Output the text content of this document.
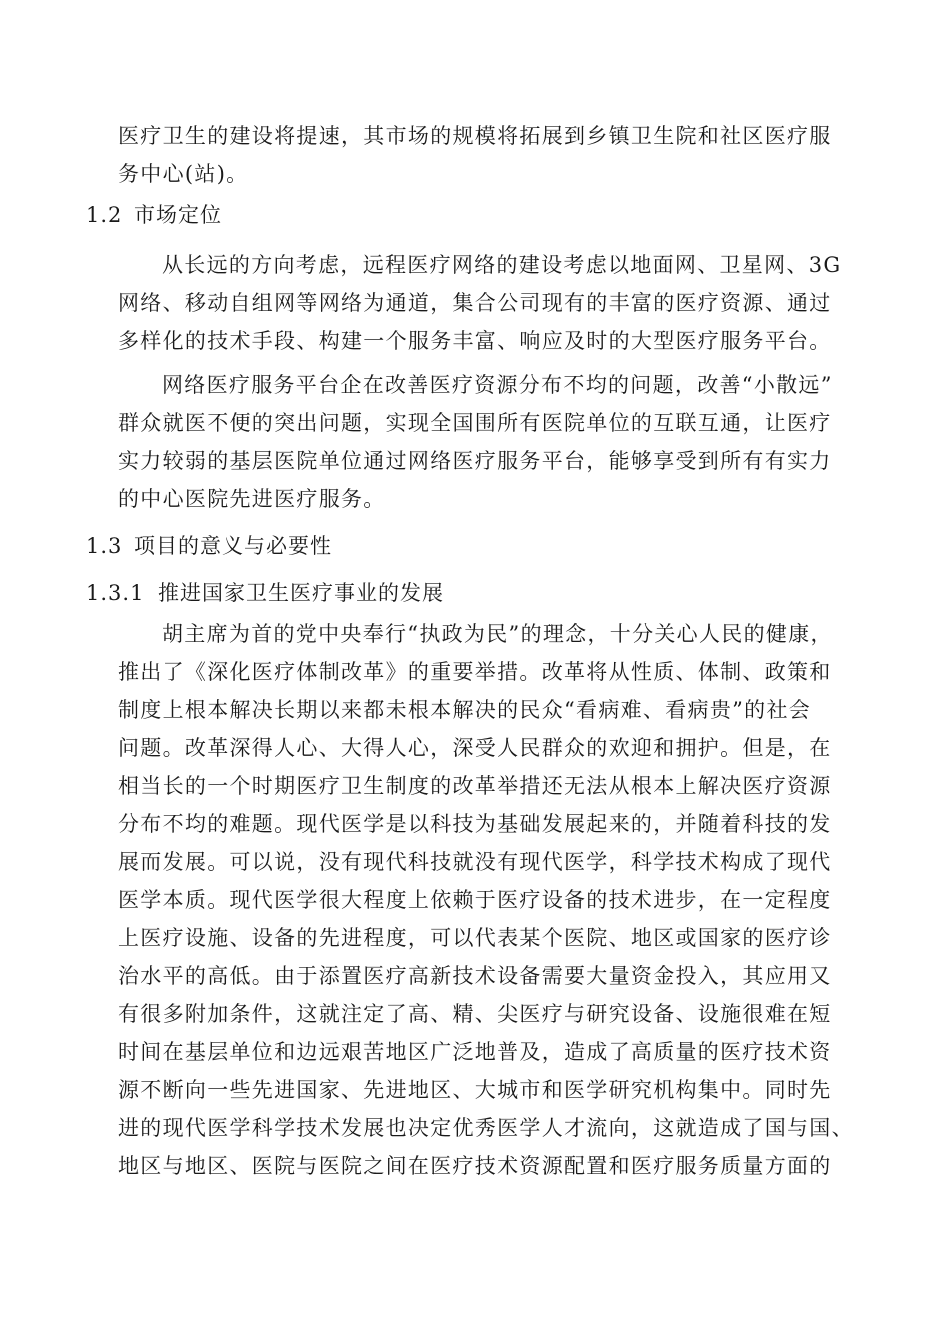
医疗卫生的建设将提速，其市场的规模将拓展到乡镇卫生院和社区医疗服
务中心(站)。
1.2 市场定位
从长远的方向考虑，远程医疗网络的建设考虑以地面网、卫星网、3G
网络、移动自组网等网络为通道，集合公司现有的丰富的医疗资源、通过
多样化的技术手段、构建一个服务丰富、响应及时的大型医疗服务平台。
网络医疗服务平台企在改善医疗资源分布不均的问题，改善“小散远”
群众就医不便的突出问题，实现全国围所有医院单位的互联互通，让医疗
实力较弱的基层医院单位通过网络医疗服务平台，能够享受到所有有实力
的中心医院先进医疗服务。
1.3 项目的意义与必要性
1.3.1 推进国家卫生医疗事业的发展
胡主席为首的党中央奉行“执政为民”的理念，十分关心人民的健康，
推出了《深化医疗体制改革》的重要举措。改革将从性质、体制、政策和
制度上根本解决长期以来都未根本解决的民众“看病难、看病贵”的社会
问题。改革深得人心、大得人心，深受人民群众的欢迎和拥护。但是，在
相当长的一个时期医疗卫生制度的改革举措还无法从根本上解决医疗资源
分布不均的难题。现代医学是以科技为基础发展起来的，并随着科技的发
展而发展。可以说，没有现代科技就没有现代医学，科学技术构成了现代
医学本质。现代医学很大程度上依赖于医疗设备的技术进步，在一定程度
上医疗设施、设备的先进程度，可以代表某个医院、地区或国家的医疗诊
治水平的高低。由于添置医疗高新技术设备需要大量资金投入，其应用又
有很多附加条件，这就注定了高、精、尖医疗与研究设备、设施很难在短
时间在基层单位和边远艰苦地区广泛地普及，造成了高质量的医疗技术资
源不断向一些先进国家、先进地区、大城市和医学研究机构集中。同时先
进的现代医学科学技术发展也决定优秀医学人才流向，这就造成了国与国、
地区与地区、医院与医院之间在医疗技术资源配置和医疗服务质量方面的
